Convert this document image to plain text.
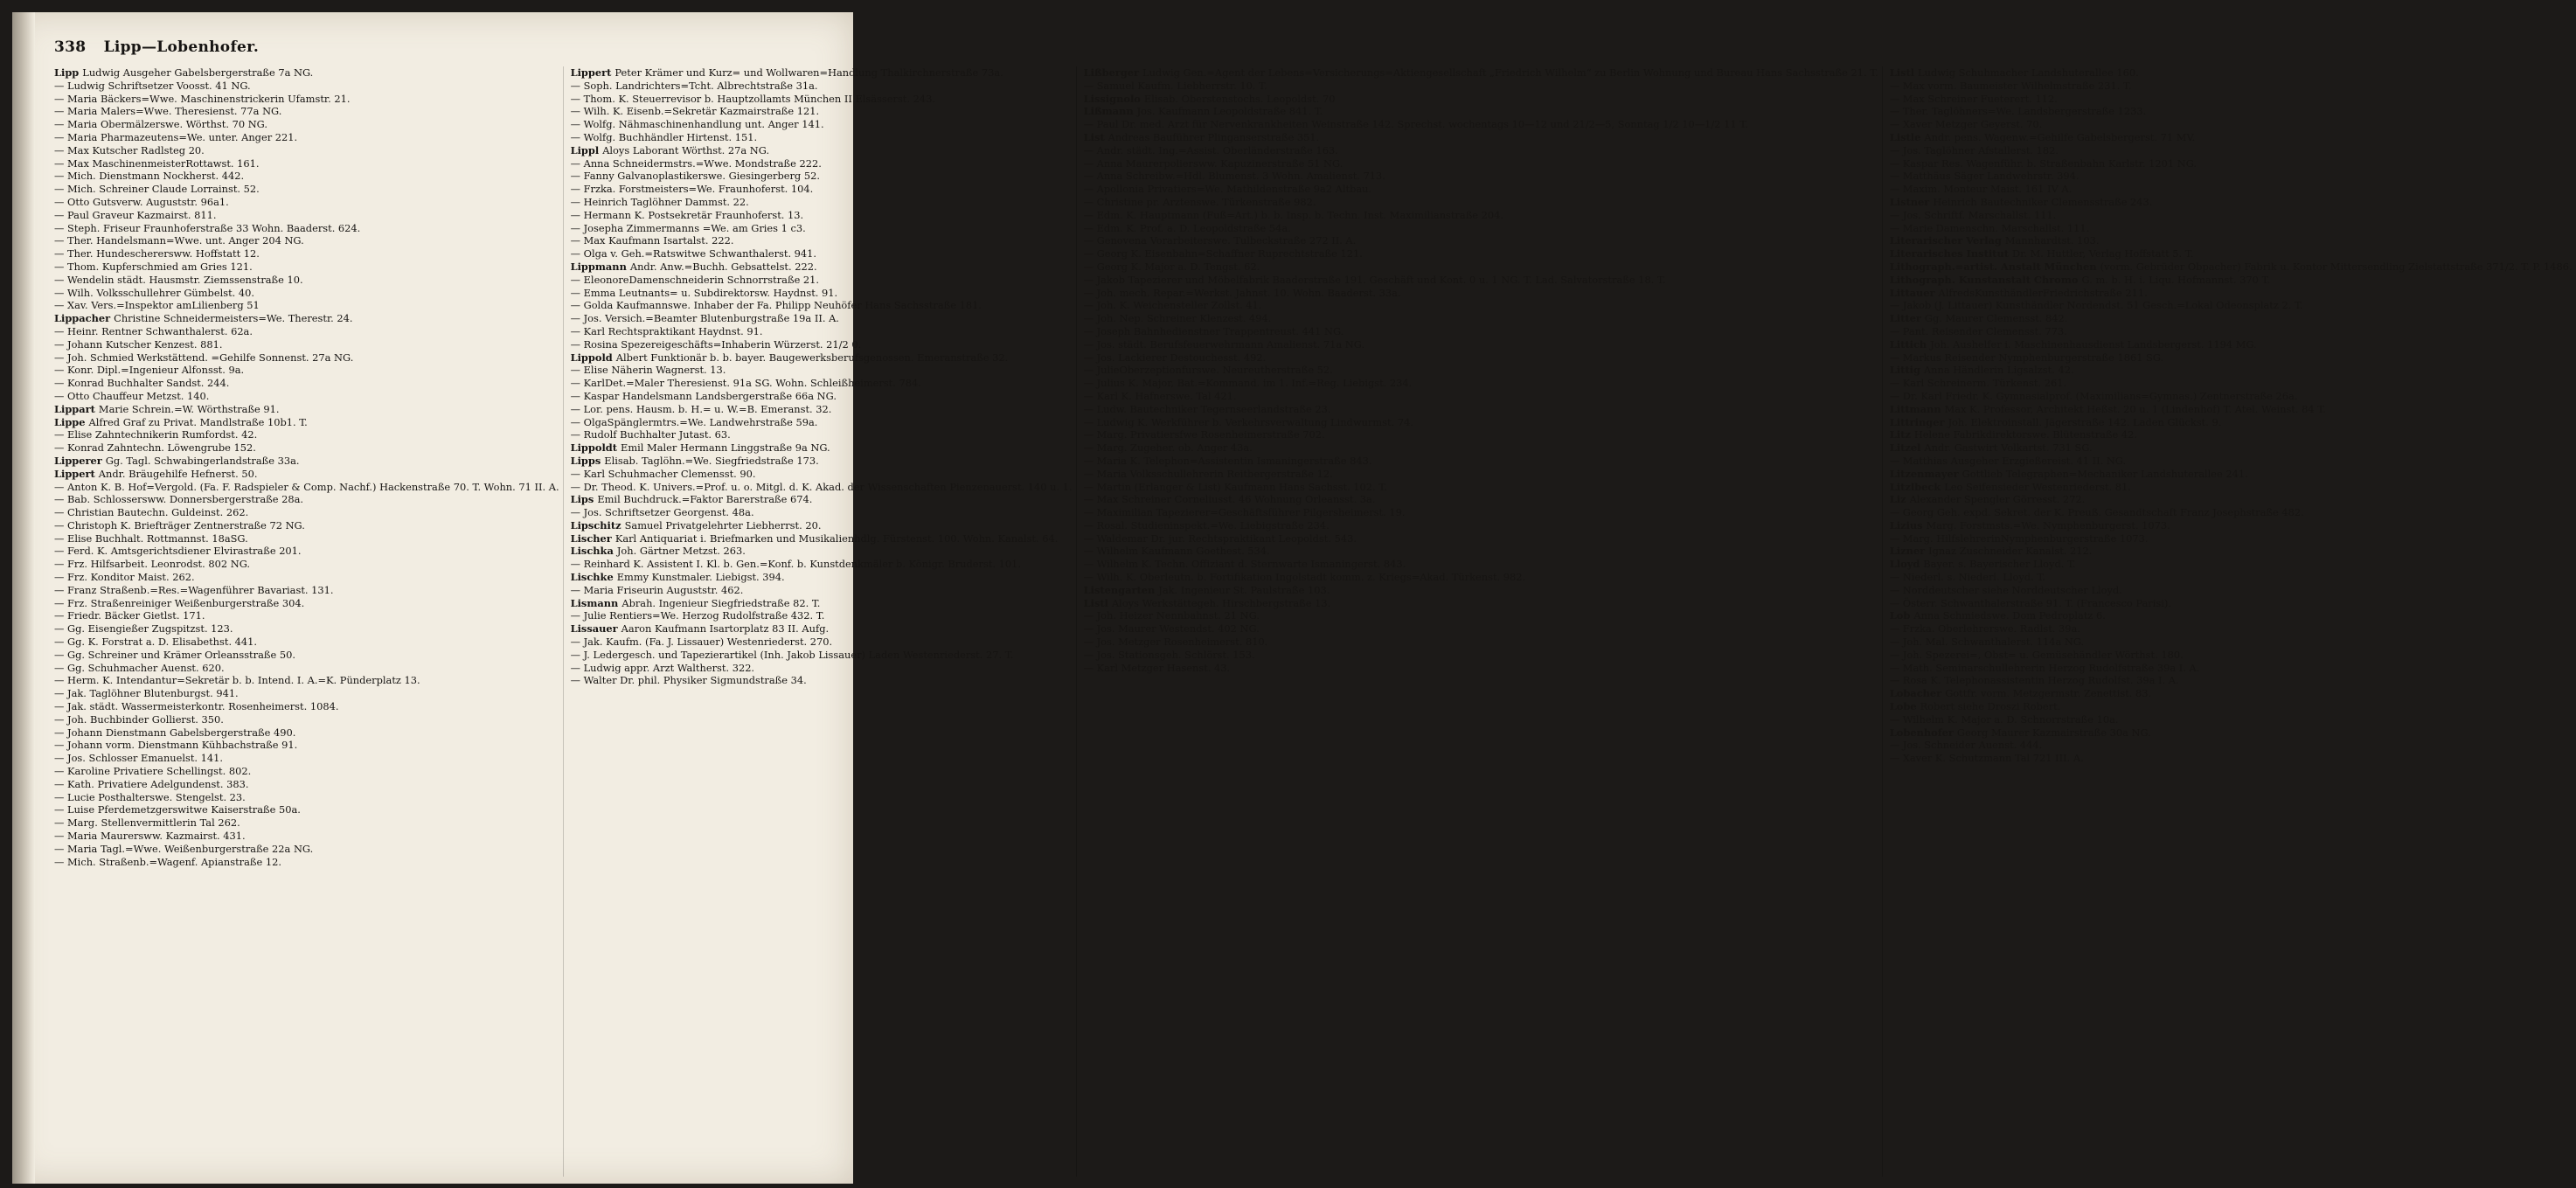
338 Lipp—Lobenhofer.
Lipp Ludwig Ausgeher Gabelsbergerstraße 7a NG.
— Ludwig Schriftsetzer Voosst. 41 NG.
— Maria Bäckers=Wwe. Maschinenstrickerin Ufamstr. 21.
— Maria Malers=Wwe. Theresienst. 77a NG.
— Maria Obermälzerswe. Wörthst. 70 NG.
— Maria Pharmazeutens=We. unter. Anger 221.
— Max Kutscher Radlsteg 20.
— Max MaschinenmeisterRottawst. 161.
— Mich. Dienstmann Nockherst. 442.
— Mich. Schreiner Claude Lorrainst. 52.
— Otto Gutsverw. Auguststr. 96a1.
— Paul Graveur Kazmairst. 811.
— Steph. Friseur Fraunhoferstraße 33 Wohn. Baaderst. 624.
— Ther. Handelsmann=Wwe. unt. Anger 204 NG.
— Ther. Hundescherersww. Hoffstatt 12.
— Thom. Kupferschmied am Gries 121.
— Wendelin städt. Hausmstr. Ziemssenstraße 10.
— Wilh. Volksschullehrer Gümbelst. 40.
— Xav. Vers.=Inspektor amLilienberg 51
Lippacher Christine Schneidermeisters=We. Therestr. 24.
— Heinr. Rentner Schwanthalerst. 62a.
— Johann Kutscher Kenzest. 881.
— Joh. Schmied Werkstättend. =Gehilfe Sonnenst. 27a NG.
— Konr. Dipl.=Ingenieur Alfonsst. 9a.
— Konrad Buchhalter Sandst. 244.
— Otto Chauffeur Metzst. 140.
Lippart Marie Schrein.=W. Wörthstraße 91.
Lippe Alfred Graf zu Privat. Mandlstraße 10b1. T.
— Elise Zahntechnikerin Rumfordst. 42.
— Konrad Zahntechn. Löwengrube 152.
Lipperer Gg. Tagl. Schwabingerlandstraße 33a.
Lippert Andr. Bräugehilfe Hefnerst. 50.
— Anton K. B. Hof=Vergold. (Fa. F. Radspieler & Comp. Nachf.) Hackenstraße 70. T. Wohn. 71 II. A.
— Bab. Schlossersww. Donnersbergerstraße 28a.
— Christian Bautechn. Guldeinst. 262.
— Christoph K. Briefträger Zentnerstraße 72 NG.
— Elise Buchhalt. Rottmannst. 18aSG.
— Ferd. K. Amtsgerichtsdiener Elvirastraße 201.
— Frz. Hilfsarbeit. Leonrodst. 802 NG.
— Frz. Konditor Maist. 262.
— Franz Straßenb.=Res.=Wagenführer Bavariast. 131.
— Frz. Straßenreiniger Weißenburgerstraße 304.
— Friedr. Bäcker Gietlst. 171.
— Gg. Eisengießer Zugspitzst. 123.
— Gg. K. Forstrat a. D. Elisabethst. 441.
— Gg. Schreiner und Krämer Orleansstraße 50.
— Gg. Schuhmacher Auenst. 620.
— Herm. K. Intendantur=Sekretär b. b. Intend. I. A.=K. Pünderplatz 13.
— Jak. Taglöhner Blutenburgst. 941.
— Jak. städt. Wassermeisterkontr. Rosenheimerst. 1084.
— Joh. Buchbinder Gollierst. 350.
— Johann Dienstmann Gabelsbergerstraße 490.
— Johann vorm. Dienstmann Kühbachstraße 91.
— Jos. Schlosser Emanuelst. 141.
— Karoline Privatiere Schellingst. 802.
— Kath. Privatiere Adelgundenst. 383.
— Lucie Posthalterswe. Stengelst. 23.
— Luise Pferdemetzgerswitwe Kaiserstraße 50a.
— Marg. Stellenvermittlerin Tal 262.
— Maria Maurersww. Kazmairst. 431.
— Maria Tagl.=Wwe. Weißenburgerstraße 22a NG.
— Mich. Straßenb.=Wagenf. Apianstraße 12.
Lippert Peter Krämer und Kurz= und Wollwaren=Handlung Thalkirchnerstraße 73a.
— Soph. Landrichters=Tcht. Albrechtstraße 31a.
— Thom. K. Steuerrevisor b. Hauptzollamts München II Elsässerst. 243.
— Wilh. K. Eisenb.=Sekretär Kazmairstraße 121.
— Wolfg. Nähmaschinenhandlung unt. Anger 141.
— Wolfg. Buchhändler Hirtenst. 151.
Lippl Aloys Laborant Wörthst. 27a NG.
— Anna Schneidermstrs.=Wwe. Mondstraße 222.
— Fanny Galvanoplastikerswe. Giesingerberg 52.
— Frzka. Forstmeisters=We. Fraunhoferst. 104.
— Heinrich Taglöhner Dammst. 22.
— Hermann K. Postsekretär Fraunhoferst. 13.
— Josepha Zimmermanns =We. am Gries 1 c3.
— Max Kaufmann Isartalst. 222.
— Olga v. Geh.=Ratswitwe Schwanthalerst. 941.
Lippmann Andr. Anw.=Buchh. Gebsattelst. 222.
— EleonoreDamenschneiderin Schnorrstraße 21.
— Emma Leutnants= u. Subdirektorsw. Haydnst. 91.
— Golda Kaufmannswe. Inhaber der Fa. Philipp Neuhöfer Hans Sachsstraße 181.
— Jos. Versich.=Beamter Blutenburgstraße 19a II. A.
— Karl Rechtspraktikant Haydnst. 91.
— Rosina Spezereigeschäfts=Inhaberin Würzerst. 21/2 0.
Lippold Albert Funktionär b. b. bayer. Baugewerksberufsgenossen. Emeranstraße 32.
— Elise Näherin Wagnerst. 13.
— KarlDet.=Maler Theresienst. 91a SG. Wohn. Schleißheimerst. 784.
— Kaspar Handelsmann Landsbergerstraße 66a NG.
— Lor. pens. Hausm. b. H.= u. W.=B. Emeranst. 32.
— OlgaSpänglermtrs.=We. Landwehrstraße 59a.
— Rudolf Buchhalter Jutast. 63.
Lippoldt Emil Maler Hermann Linggstraße 9a NG.
Lipps Elisab. Taglöhn.=We. Siegfriedstraße 173.
— Karl Schuhmacher Clemensst. 90.
— Dr. Theod. K. Univers.=Prof. u. o. Mitgl. d. K. Akad. der Wissenschaften Pienzenauerst. 140 u. 1.
Lips Emil Buchdruck.=Faktor Barerstraße 674.
— Jos. Schriftsetzer Georgenst. 48a.
Lipschitz Samuel Privatgelehrter Liebherrst. 20.
Lischer Karl Antiquariat i. Briefmarken und Musikalienhdlg. Fürstenst. 100. Wohn. Kanalst. 64.
Lischka Joh. Gärtner Metzst. 263.
— Reinhard K. Assistent I. Kl. b. Gen.=Konf. b. Kunstdenkmäler b. Königr. Bruderst. 101.
Lischke Emmy Kunstmaler. Liebigst. 394.
— Maria Friseurin Auguststr. 462.
Lismann Abrah. Ingenieur Siegfriedstraße 82. T.
— Julie Rentiers=We. Herzog Rudolfstraße 432. T.
Lissauer Aaron Kaufmann Isartorplatz 83 II. Aufg.
— Jak. Kaufm. (Fa. J. Lissauer) Westenriederst. 270.
— J. Ledergesch. und Tapezierartikel (Inh. Jakob Lissauer) Laden Westenriederst. 27. T.
— Ludwig appr. Arzt Waltherst. 322.
— Walter Dr. phil. Physiker Sigmundstraße 34.
Lißberger Ludwig Gen.=Agent der Lebens=Versicherungs=Aktiengesellschaft „Friedrich Wilhelm“ zu Berlin Wohnung und Bureau Hans Sachsstraße 21. T.
— Samuel Kaufm. Liebherrstr. 10. T.
Lissignolo Elisab. Oberstenstochs. Leopoldst. 70
Lißmann Jos. Kaufmann Leopoldstraße 841. T.
— Paul Dr. med. Arzt für Nervenkrankheiten Weinstraße 142. Sprechst. wochentags 10—12 und 21/2—5, Sonntag 1/2 10—1/2 11 T.
List Andreas Bauführer Plinganserstraße 351.
— Andr. städt. Ing.=Assist. Oberländerstraße 163.
— Anna Maurerpoliersww. Kapuzinerstraße 51 NG.
— Anna Schreibw.=Hdl. Blumenst. 3 Wohn. Amalienst. 713.
— Apollonia Privatiers=We. Mathildenstraße 9a2 Altbau.
— Christine pr. Arztenswe. Türkenstraße 982.
— Edm. K. Hauptmann (Fuß=Art.) b. b. Insp. b. Techn. Inst. Maximilianstraße 204.
— Edm. K. Prof. a. D. Leopoldstraße 54a.
— Genovena Vorarbeiterswe. Tulbeckstraße 272 II. A.
— Georg K. Eisenbahn=Schaffner Ruprechtstraße 121.
— Georg K. Major a. D. Tengst. 62.
— Jakob Tapezierer und Möbelfabrik Baaderstraße 191. Geschäft und Kont. 0 u. 1 NG. T. Lad. Salvatorstraße 18. T.
— Joh. mech. Repar.=Werkst. Jahnst. 10. Wohn. Baaderst. 33a.
— Joh. K. Weichensteller Zollst. 41.
— Joh. Nep. Schreiner Klenzest. 494.
— Joseph Bahnhedienstner Trappentreust. 441 NG.
— Jos. städt. Berufsfeuerwehrmann Amalienst. 71a NG.
— Jos. Lackierer Destouchesst. 492.
— JulieOberzeptionfurswe. Neureutherstraße 52.
— Julius K. Major, Bat.=Kommand. im 1. Inf.=Reg. Liebigst. 234.
— Karl K. Hafnerswe. Tal 421.
— Ludw. Bautechniker Tegernseerlandstraße 23.
— Ludwig K. Werkführer b. Verkehrsverwaltung Lindwurmst. 74.
— Marg. Privatiersfwe Rosenheimerstraße 702.
— Marg. Zugeher. ob. Anger 43a.
— Maria K. Telephon=Assistentin Ismaningerstraße 843.
— Maria Volksschullehrerin Reitbergerstraße 12.
— Martin (Erlanger & List) Kaufmann Hans Sachsst. 102. T.
— Max Schreiner Corneliusst. 46 Wohnung Orleansst. 3a.
— Maximilian Tapezierer=Geschäftsführer Pilgersheimerst. 19.
— Rosal. Studieninspekt.=We. Liebigstraße 234.
— Waldemar Dr. jur. Rechtspraktikant Leopoldst. 543.
— Wilhelm Kaufmann Goethest. 534.
— Wilhelm K. Techn. Offiziant d. Sternwarte Ismaningerst. 843.
— Wilh. K. Oberleutn. b. Fortifikation Ingolstadt komm. z. Kriegs=Akad. Türkenst. 982.
Listengarten Jak. Ingenieur St. Paulstraße 103.
Listl Aloys Werkstättegeh. Hirschbergstraße 13.
— Joh. Heizer Nennbahnst. 21 NG.
— Jos. Maurer Westendst. 402 NG.
— Jos. Metzger Rosenheimerst. 810.
— Jos. Stationsgeh. Schlörst. 153.
— Karl Metzger Hasenst. 43.
Listl Ludwig Schuhmacher Landshuterallee 160.
— Max vorm. Baumeister Wilhelmstraße 231. T.
— Max Schreiner Fueterert. 112.
— Ther. Taglöhners=We. Landsbergerstraße 1233.
— Xaver Metzger Geyerst. 70.
Listle Andr. pens. Wagenw.=Gehilfe Gabelsbergerst. 71 MV.
— Jos. Taglöhner Afstallerst. 182.
— Kaspar Res. Wagenführ. b. Straßenbahn Karlstr. 1201 NG.
— Matthäus Säger Landwehrstr. 394.
— Maxim. Monteur Maist. 161 IV A.
Listner Heinrich Bautechniker Clemensstraße 243.
— Jos. Schriftf. Marschallst. 111.
— Marie Damenschn. Marschallst. 111.
Literarischer Verlag Mannhardtst. 103.
Literarisches Institut Dr. M. Huttler, Verlag Hoffstatt 5. T.
Lithograph.=artist. Anstalt München (vorm. Gebrüder Obpacher) Fabrik u. Kontor Mittersendling Zielstattstraße 371/2. T. P. 1486.
Lithograph. Kunstanstalt Chromo G. m. b. H. i. Liqu. Hofmannst. 370 T.
Littauer AlfredsKunsthändlerFriedrichstraße 211.
— Jakob (J. Littauer) Kunsthändler Nordendst. 51 Gesch.=Lokal Odeonsplatz 2. T.
Litter Gg. Maurer Clemensst. 842.
— Pant. Reisender Clemensst. 773.
Littich Joh. Aushelfer i. Maschinenhausdienst Landsbergerst. 1194 MG.
— Markus Reisender Nymphenburgerstraße 1861 SG.
Littig Anna Händlerin Ligsalzst. 42.
— Karl Schreinerm. Türkenst. 261.
— Dr. Karl Friedr. K. Gymnasialprof. (Maximilians=Gymnas.) Zentnerstraße 26a.
Littmann Max K. Professor, Architekt Heßst. 20 u. 1 (Lindenhof) T. Atel. Weinst. 84 T.
Littringer Joh. Elektroinstall. Jägerstraße 142. Laden Glückst. 9.
Litz Helene Fabrikdirektorswe. Blütenstraße 42.
Litzel Andr. Gastwirt Volkartst. 731 SG.
— Matthias Ausgeher Erzgießereist. 41 II. NG.
Litzenmayer Gottlieb Telegraphen=Mechaniker Landshuterallee 241.
Litzlbeck Leo Seifensieder Westenriederst. 81.
Liz Alexander Spengler Görresst. 272.
— Georg Geh. expd. Sekret. der K. Preuß. Gesandtschaft Franz Josephstraße 482.
Lizius Marg. Forstmsts.=We. Nymphenburgerst. 1073.
— Marg. HilfslehrerinNymphenburgerstraße 1073.
Lizner Ignaz Zuschneider Kanalst. 212.
Lloyd Bayer. s. Bayerischer Lloyd. T.
— Niederl. s. Niederl. Lloyd. T.
— Norddeutscher siehe Norddeutscher Lloyd.
— Österr. Schwanthalerstraße 91. T. (Francesco Parisi).
Lob Anna Schmiedswe. Dom Pedroplatz 6.
— Frzka. Oberlehrerswe. Radlst. 39a.
— Joh. Mal. Schwanthalerst. 114a NG.
— Joh. Spezerei=, Obst= u. Gemüsehändler Wörthst. 180.
— Math. Seminarschullehrerin Herzog Rudolfstraße 39a I. A.
— Rosa K. Telephonassistentin Herzog Rudolfst. 39a I. A.
Lobacher Gottfr. vorm. Metzgermstr. Zenettist. 83.
Lobe Robert siehe Droszi Robert.
— Wilhelm K. Major a. D. Schnorrstraße 10a.
Lobenhofer Georg Maurer Kazmairstraße 30a NG.
— Jos. Schneider Auenst. 444.
— Xaver K. Schutzmann Tal 721 III. A.
